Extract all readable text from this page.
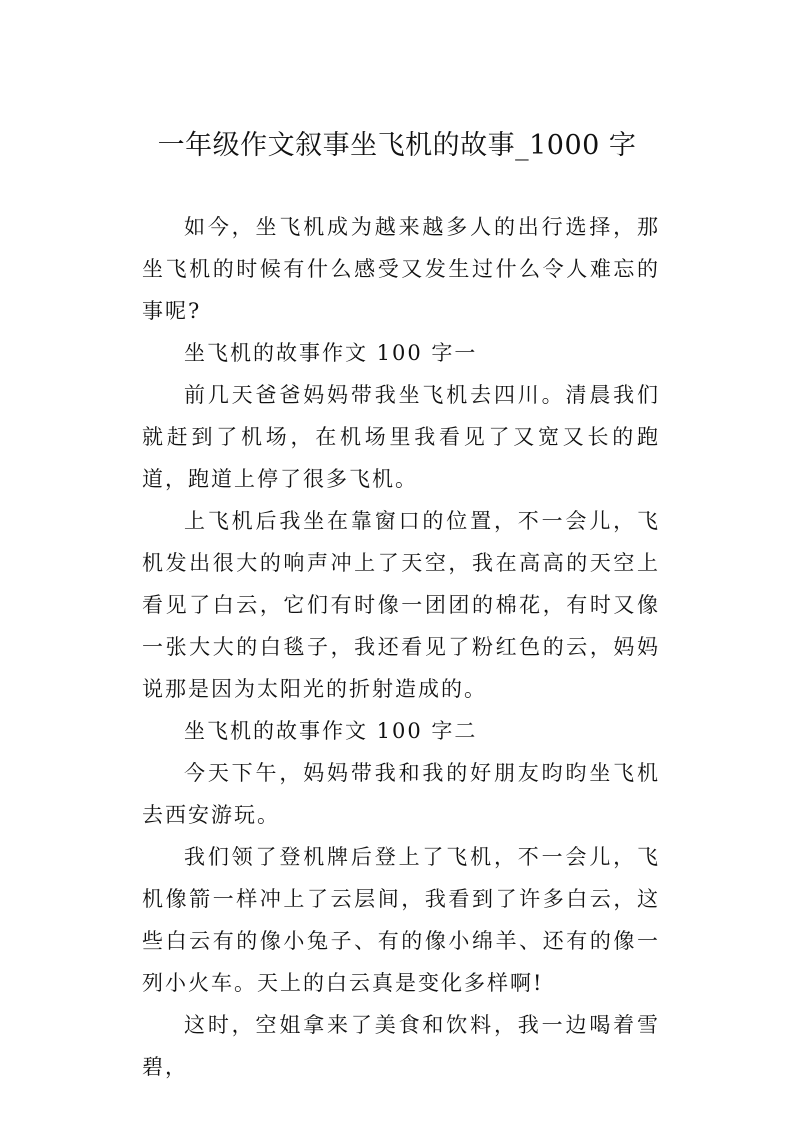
一年级作文叙事坐飞机的故事_1000 字

如今，坐飞机成为越来越多人的出行选择，那坐飞机的时候有什么感受又发生过什么令人难忘的事呢?

坐飞机的故事作文 100 字一

前几天爸爸妈妈带我坐飞机去四川。清晨我们就赶到了机场，在机场里我看见了又宽又长的跑道，跑道上停了很多飞机。

上飞机后我坐在靠窗口的位置，不一会儿，飞机发出很大的响声冲上了天空，我在高高的天空上看见了白云，它们有时像一团团的棉花，有时又像一张大大的白毯子，我还看见了粉红色的云，妈妈说那是因为太阳光的折射造成的。

坐飞机的故事作文 100 字二

今天下午，妈妈带我和我的好朋友昀昀坐飞机去西安游玩。

我们领了登机牌后登上了飞机，不一会儿，飞机像箭一样冲上了云层间，我看到了许多白云，这些白云有的像小兔子、有的像小绵羊、还有的像一列小火车。天上的白云真是变化多样啊!

这时，空姐拿来了美食和饮料，我一边喝着雪碧，
